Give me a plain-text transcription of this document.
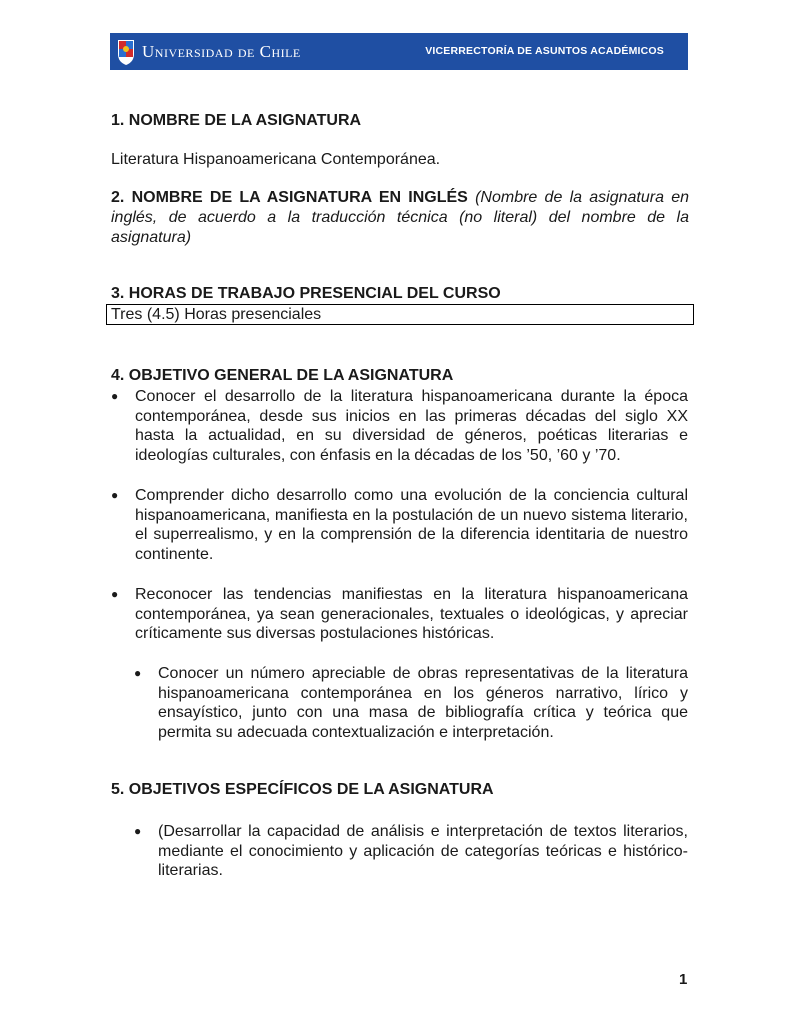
Universidad de Chile	VICERRECTORÍA DE ASUNTOS ACADÉMICOS
1. NOMBRE DE LA ASIGNATURA
Literatura Hispanoamericana Contemporánea.
2. NOMBRE DE LA ASIGNATURA EN INGLÉS (Nombre de la asignatura en inglés, de acuerdo a la traducción técnica (no literal) del nombre de la asignatura)
3. HORAS DE TRABAJO PRESENCIAL DEL CURSO
Tres (4.5) Horas presenciales
4. OBJETIVO GENERAL DE LA ASIGNATURA
● Conocer el desarrollo de la literatura hispanoamericana durante la época contemporánea, desde sus inicios en las primeras décadas del siglo XX hasta la actualidad, en su diversidad de géneros, poéticas literarias e ideologías culturales, con énfasis en la décadas de los ’50, ’60 y ’70.
● Comprender dicho desarrollo como una evolución de la conciencia cultural hispanoamericana, manifiesta en la postulación de un nuevo sistema literario, el superrealismo, y en la comprensión de la diferencia identitaria de nuestro continente.
● Reconocer las tendencias manifiestas en la literatura hispanoamericana contemporánea, ya sean generacionales, textuales o ideológicas, y apreciar críticamente sus diversas postulaciones históricas.
● Conocer un número apreciable de obras representativas de la literatura hispanoamericana contemporánea en los géneros narrativo, lírico y ensayístico, junto con una masa de bibliografía crítica y teórica que permita su adecuada contextualización e interpretación.
5. OBJETIVOS ESPECÍFICOS DE LA ASIGNATURA
● (Desarrollar la capacidad de análisis e interpretación de textos literarios, mediante el conocimiento y aplicación de categorías teóricas e histórico-literarias.
1
